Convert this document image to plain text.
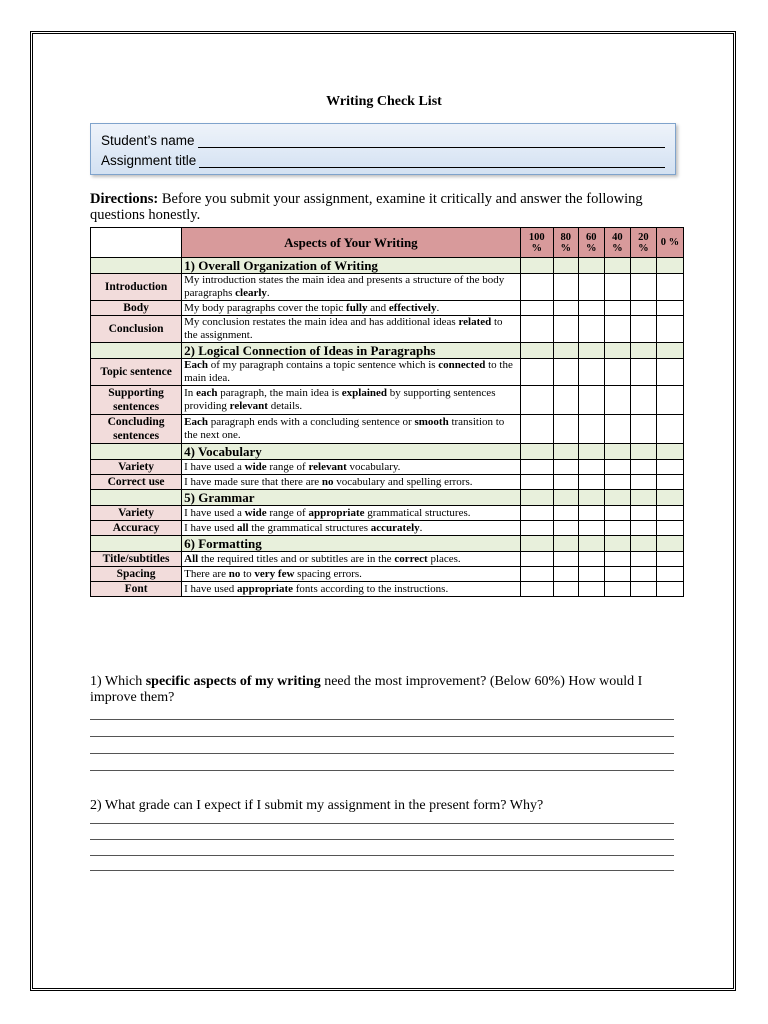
Writing Check List
Student’s name
Assignment title
Directions: Before you submit your assignment, examine it critically and answer the following questions honestly.
	Aspects of Your Writing	100 %	80 %	60 %	40 %	20 %	0 %
	1) Overall Organization of Writing						
Introduction	My introduction states the main idea and presents a structure of the body paragraphs clearly.						
Body	My body paragraphs cover the topic fully and effectively.						
Conclusion	My conclusion restates the main idea and has additional ideas related to the assignment.						
	2) Logical Connection of Ideas in Paragraphs						
Topic sentence	Each of my paragraph contains a topic sentence which is connected to the main idea.						
Supporting sentences	In each paragraph, the main idea is explained by supporting sentences providing relevant details.						
Concluding sentences	Each paragraph ends with a concluding sentence or smooth transition to the next one.						
	4) Vocabulary						
Variety	I have used a wide range of relevant vocabulary.						
Correct use	I have made sure that there are no vocabulary and spelling errors.						
	5) Grammar						
Variety	I have used a wide range of appropriate grammatical structures.						
Accuracy	I have used all the grammatical structures accurately.						
	6) Formatting						
Title/subtitles	All the required titles and or subtitles are in the correct places.						
Spacing	There are no to very few spacing errors.						
Font	I have used appropriate fonts according to the instructions.						
1) Which specific aspects of my writing need the most improvement? (Below 60%) How would I improve them?
2) What grade can I expect if I submit my assignment in the present form? Why?
